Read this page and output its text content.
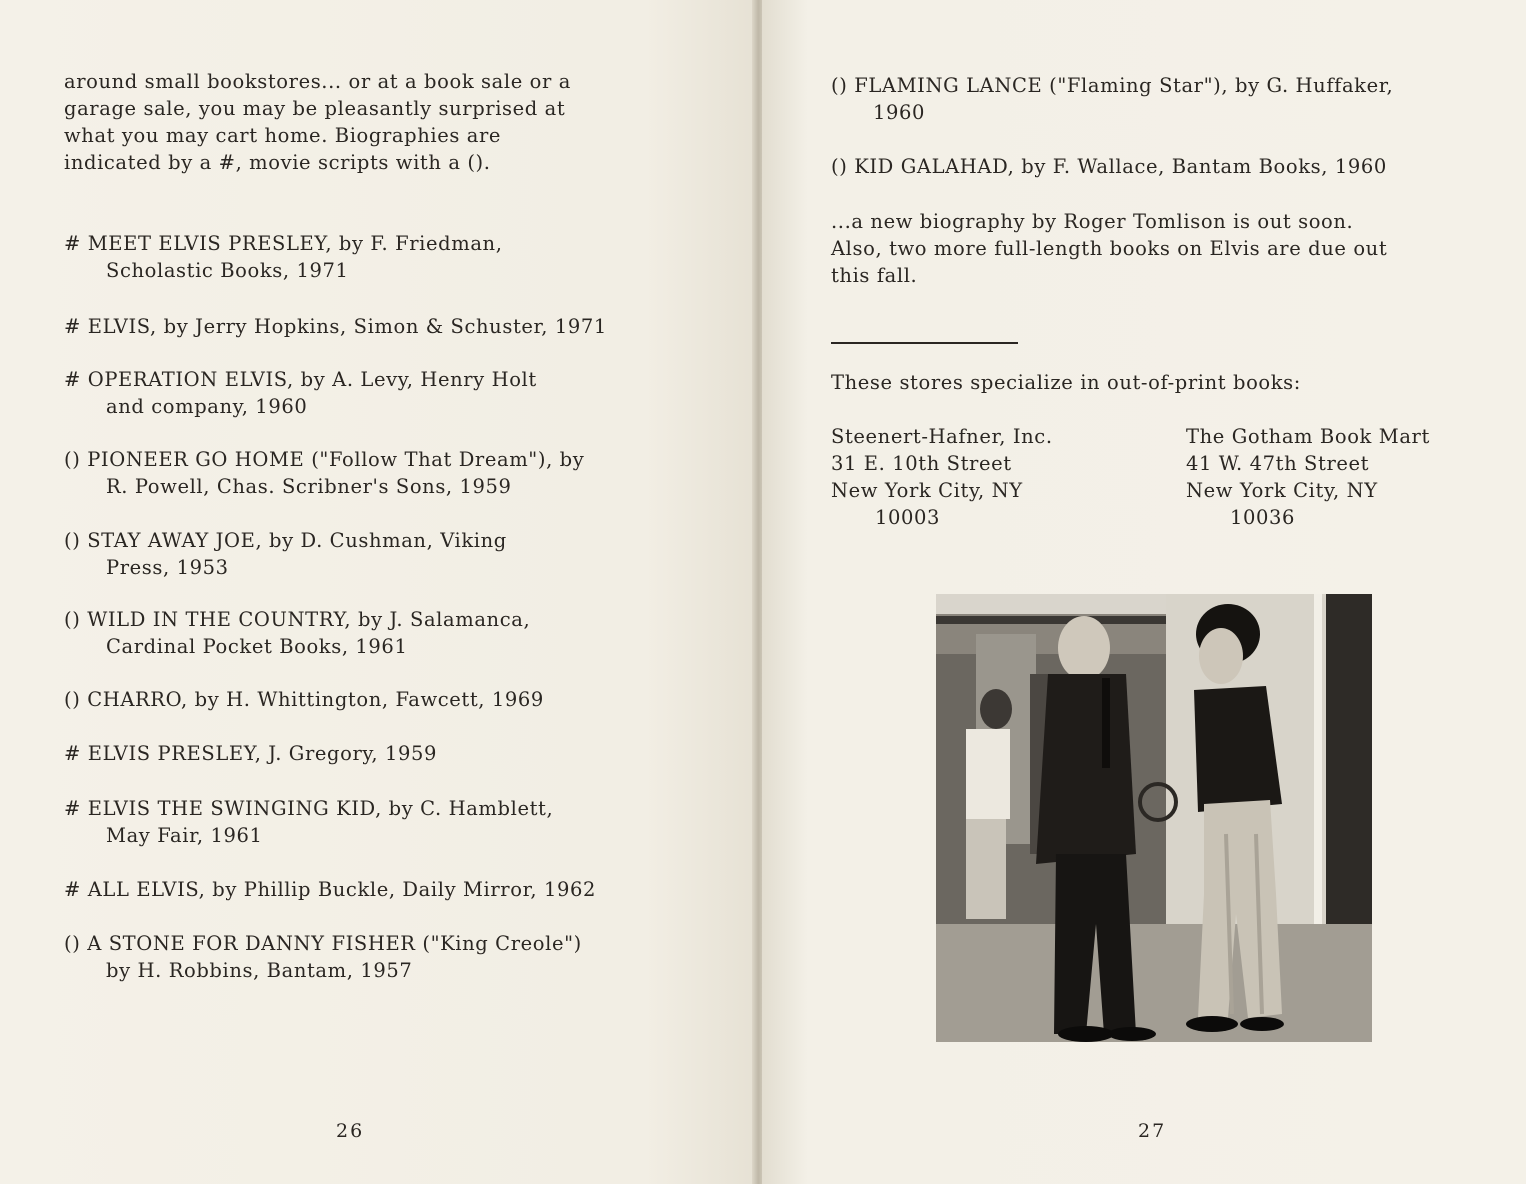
around small bookstores... or at a book sale or a
garage sale, you may be pleasantly surprised at
what you may cart home. Biographies are
indicated by a #, movie scripts with a ().
# MEET ELVIS PRESLEY, by F. Friedman,
Scholastic Books, 1971
# ELVIS, by Jerry Hopkins, Simon & Schuster, 1971
# OPERATION ELVIS, by A. Levy, Henry Holt
and company, 1960
() PIONEER GO HOME ("Follow That Dream"), by
R. Powell, Chas. Scribner's Sons, 1959
() STAY AWAY JOE, by D. Cushman, Viking
Press, 1953
() WILD IN THE COUNTRY, by J. Salamanca,
Cardinal Pocket Books, 1961
() CHARRO, by H. Whittington, Fawcett, 1969
# ELVIS PRESLEY, J. Gregory, 1959
# ELVIS THE SWINGING KID, by C. Hamblett,
May Fair, 1961
# ALL ELVIS, by Phillip Buckle, Daily Mirror, 1962
() A STONE FOR DANNY FISHER ("King Creole")
by H. Robbins, Bantam, 1957
26
() FLAMING LANCE ("Flaming Star"), by G. Huffaker,
1960
() KID GALAHAD, by F. Wallace, Bantam Books, 1960
...a new biography by Roger Tomlison is out soon.
Also, two more full-length books on Elvis are due out
this fall.
These stores specialize in out-of-print books:
Steenert-Hafner, Inc.
31 E. 10th Street
New York City, NY
10003
The Gotham Book Mart
41 W. 47th Street
New York City, NY
10036
27
